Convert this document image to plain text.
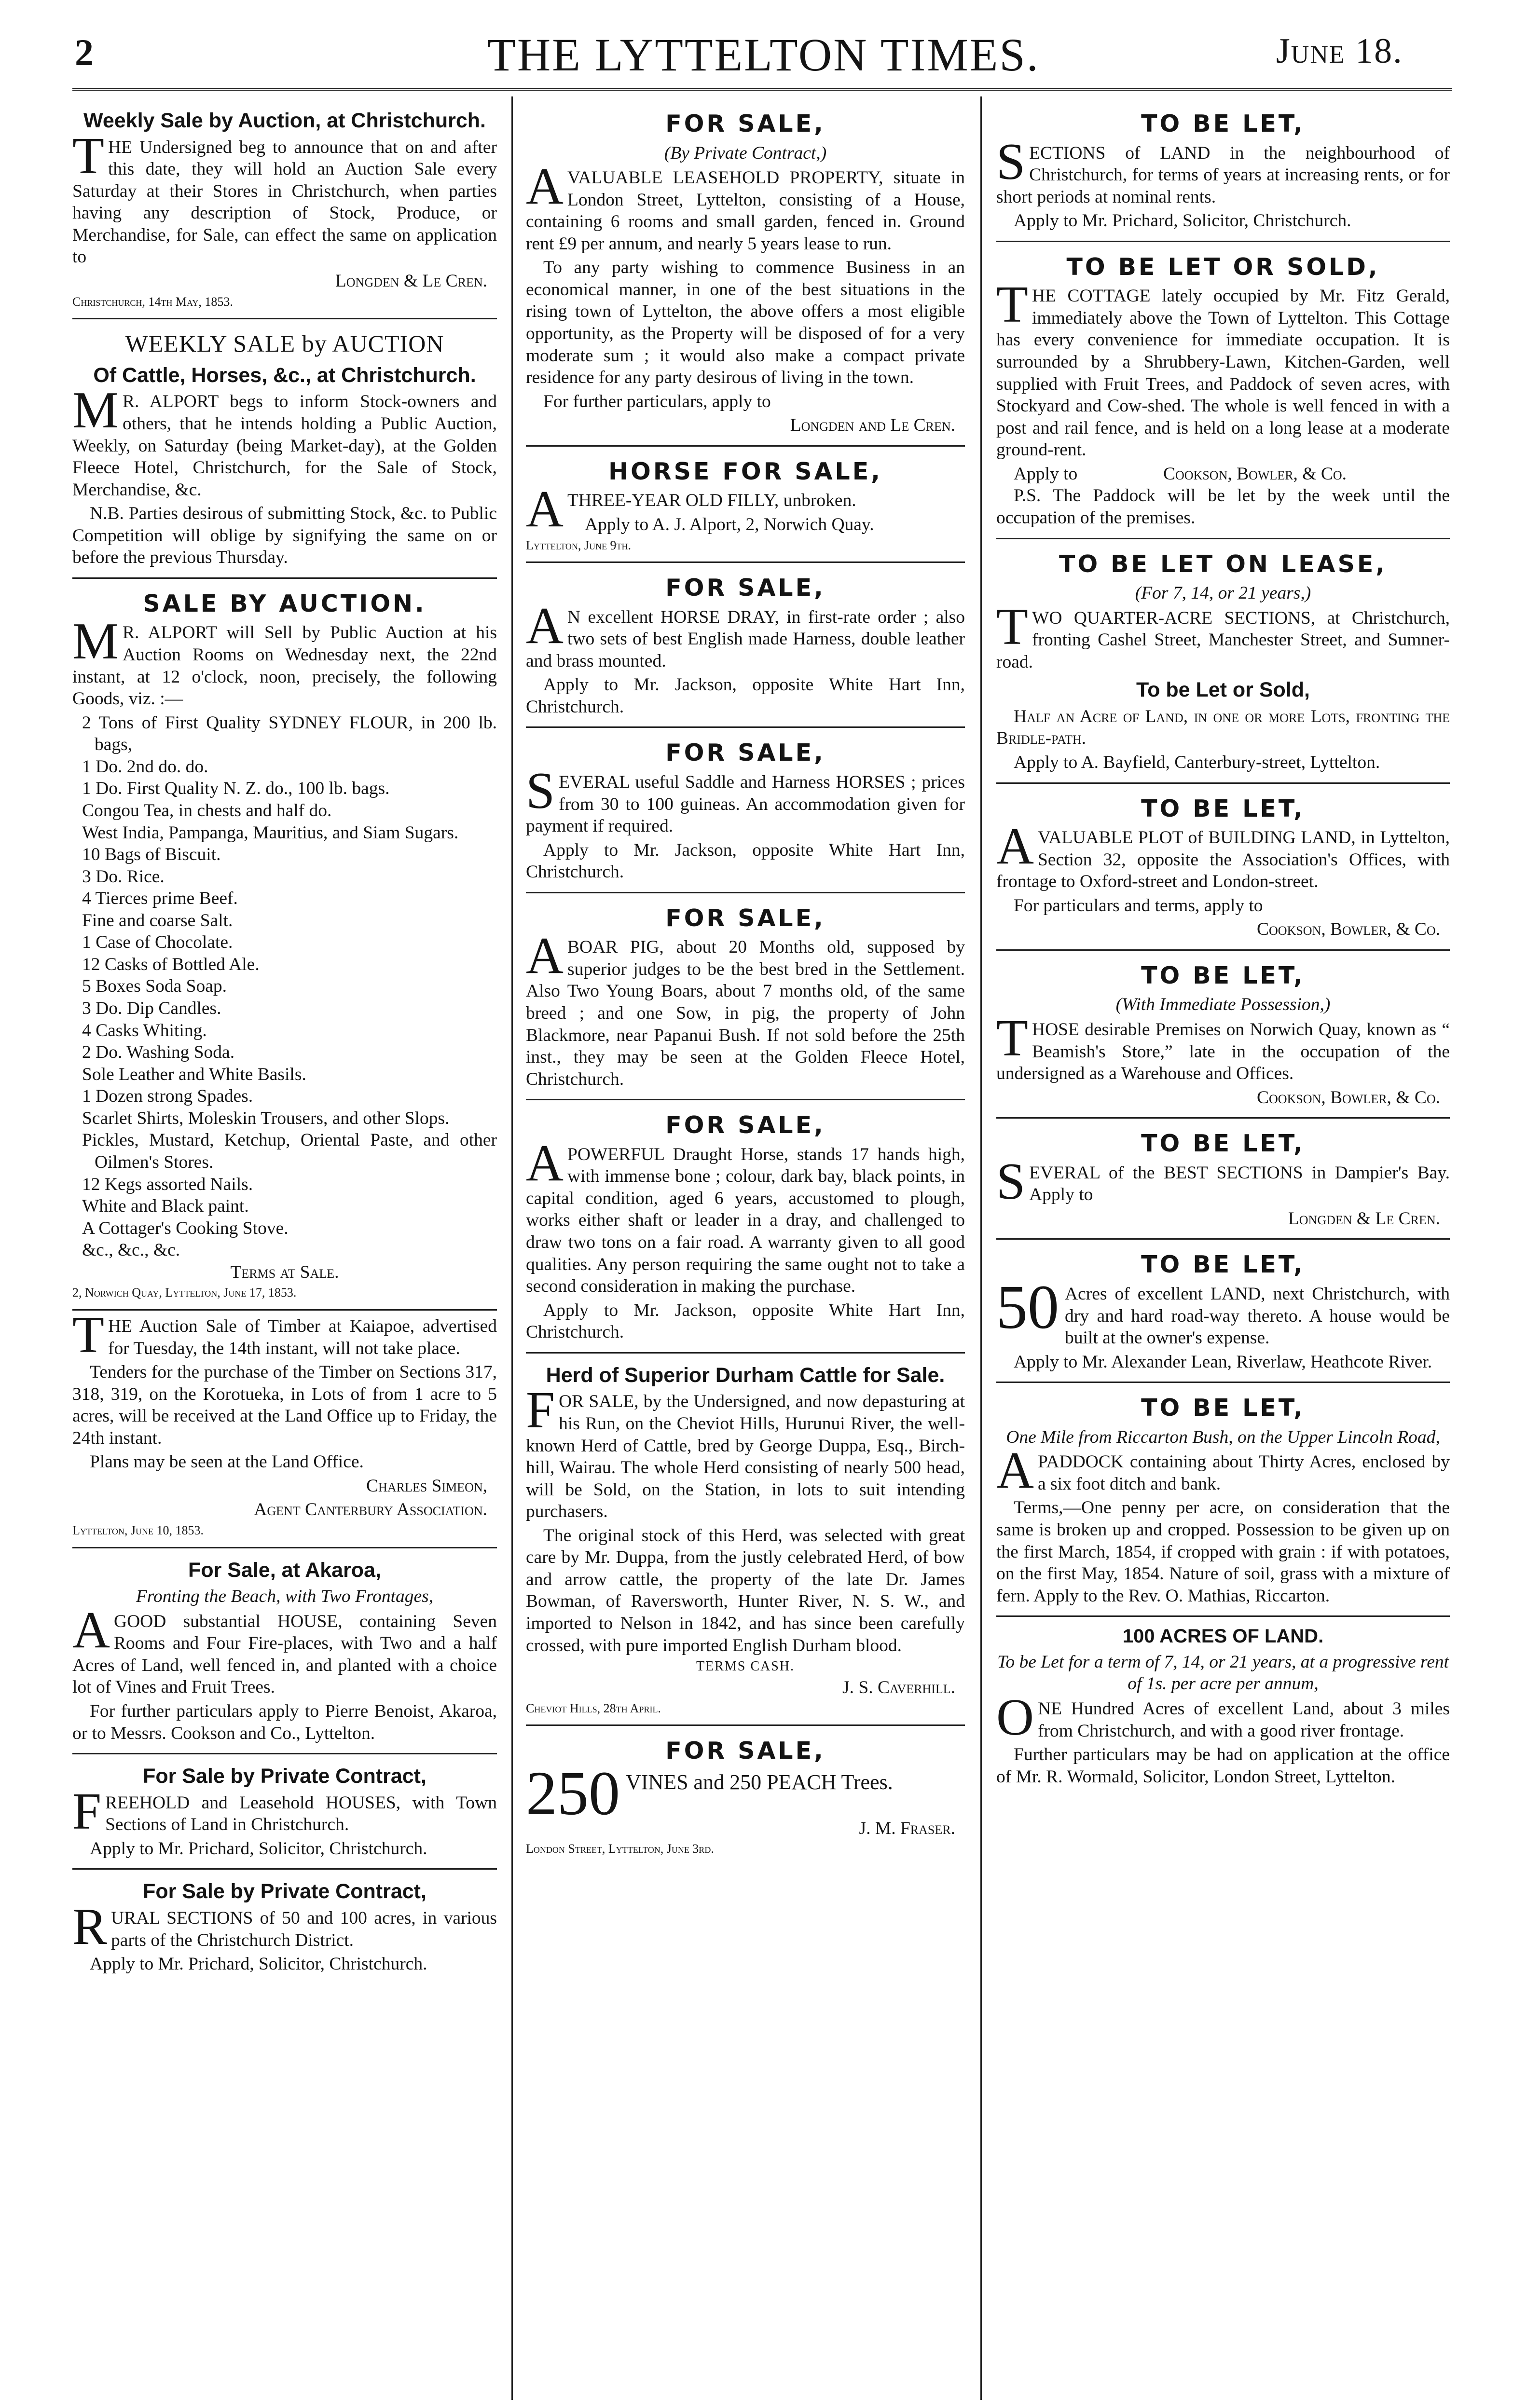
2	THE LYTTELTON TIMES.	June 18.
Weekly Sale by Auction, at Christchurch.

THE Undersigned beg to announce that on and after this date, they will hold an Auction Sale every Saturday at their Stores in Christchurch, when parties having any description of Stock, Produce, or Merchandise, for Sale, can effect the same on application to

Longden & Le Cren.
Christchurch, 14th May, 1853.
WEEKLY SALE by AUCTION
Of Cattle, Horses, &c., at Christchurch.

M R. ALPORT begs to inform Stock-owners and others, that he intends holding a Public Auction, Weekly, on Saturday (being Market-day), at the Golden Fleece Hotel, Christchurch, for the Sale of Stock, Merchandise, &c.

N.B. Parties desirous of submitting Stock, &c. to Public Competition will oblige by signifying the same on or before the previous Thursday.

SALE BY AUCTION.

M R. ALPORT will Sell by Public Auction at his Auction Rooms on Wednesday next, the 22nd instant, at 12 o'clock, noon, precisely, the following Goods, viz. :—

2 Tons of First Quality SYDNEY FLOUR, in 200 lb. bags,
1 Do. 2nd do. do.
1 Do. First Quality N. Z. do., 100 lb. bags.
Congou Tea, in chests and half do.
West India, Pampanga, Mauritius, and Siam Sugars.
10 Bags of Biscuit.
3 Do. Rice.
4 Tierces prime Beef.
Fine and coarse Salt.
1 Case of Chocolate.
12 Casks of Bottled Ale.
5 Boxes Soda Soap.
3 Do. Dip Candles.
4 Casks Whiting.
2 Do. Washing Soda.
Sole Leather and White Basils.
1 Dozen strong Spades.
Scarlet Shirts, Moleskin Trousers, and other Slops.
Pickles, Mustard, Ketchup, Oriental Paste, and other Oilmen's Stores.
12 Kegs assorted Nails.
White and Black paint.
A Cottager's Cooking Stove.
&c., &c., &c.
Terms at Sale.
2, Norwich Quay, Lyttelton, June 17, 1853.

THE Auction Sale of Timber at Kaiapoe, advertised for Tuesday, the 14th instant, will not take place.

Tenders for the purchase of the Timber on Sections 317, 318, 319, on the Korotueka, in Lots of from 1 acre to 5 acres, will be received at the Land Office up to Friday, the 24th instant.

Plans may be seen at the Land Office.

Charles Simeon,
Agent Canterbury Association.
Lyttelton, June 10, 1853.
For Sale, at Akaroa,
Fronting the Beach, with Two Frontages,

AGOOD substantial HOUSE, containing Seven Rooms and Four Fire-places, with Two and a half Acres of Land, well fenced in, and planted with a choice lot of Vines and Fruit Trees.

For further particulars apply to Pierre Benoist, Akaroa, or to Messrs. Cookson and Co., Lyttelton.

For Sale by Private Contract,

FREEHOLD and Leasehold HOUSES, with Town Sections of Land in Christchurch.

Apply to Mr. Prichard, Solicitor, Christchurch.

For Sale by Private Contract,

RURAL SECTIONS of 50 and 100 acres, in various parts of the Christchurch District.

Apply to Mr. Prichard, Solicitor, Christchurch.

FOR SALE,
(By Private Contract,)

AVALUABLE LEASEHOLD PROPERTY, situate in London Street, Lyttelton, consisting of a House, containing 6 rooms and small garden, fenced in. Ground rent £9 per annum, and nearly 5 years lease to run.

To any party wishing to commence Business in an economical manner, in one of the best situations in the rising town of Lyttelton, the above offers a most eligible opportunity, as the Property will be disposed of for a very moderate sum ; it would also make a compact private residence for any party desirous of living in the town.

For further particulars, apply to

Longden and Le Cren.
HORSE FOR SALE,

ATHREE-YEAR OLD FILLY, unbroken.

Apply to A. J. Alport, 2, Norwich Quay.

Lyttelton, June 9th.
FOR SALE,

A N excellent HORSE DRAY, in first-rate order ; also two sets of best English made Harness, double leather and brass mounted.

Apply to Mr. Jackson, opposite White Hart Inn, Christchurch.

FOR SALE,

SEVERAL useful Saddle and Harness HORSES ; prices from 30 to 100 guineas. An accommodation given for payment if required.

Apply to Mr. Jackson, opposite White Hart Inn, Christchurch.

FOR SALE,

ABOAR PIG, about 20 Months old, supposed by superior judges to be the best bred in the Settlement. Also Two Young Boars, about 7 months old, of the same breed ; and one Sow, in pig, the property of John Blackmore, near Papanui Bush. If not sold before the 25th inst., they may be seen at the Golden Fleece Hotel, Christchurch.

FOR SALE,

APOWERFUL Draught Horse, stands 17 hands high, with immense bone ; colour, dark bay, black points, in capital condition, aged 6 years, accustomed to plough, works either shaft or leader in a dray, and challenged to draw two tons on a fair road. A warranty given to all good qualities. Any person requiring the same ought not to take a second consideration in making the purchase.

Apply to Mr. Jackson, opposite White Hart Inn, Christchurch.

Herd of Superior Durham Cattle for Sale.

FOR SALE, by the Undersigned, and now depasturing at his Run, on the Cheviot Hills, Hurunui River, the well-known Herd of Cattle, bred by George Duppa, Esq., Birch-hill, Wairau. The whole Herd consisting of nearly 500 head, will be Sold, on the Station, in lots to suit intending purchasers.

The original stock of this Herd, was selected with great care by Mr. Duppa, from the justly celebrated Herd, of bow and arrow cattle, the property of the late Dr. James Bowman, of Raversworth, Hunter River, N. S. W., and imported to Nelson in 1842, and has since been carefully crossed, with pure imported English Durham blood.

TERMS CASH.
J. S. Caverhill.
Cheviot Hills, 28th April.
FOR SALE,

250 VINES and 250 PEACH Trees.

J. M. Fraser.
London Street, Lyttelton, June 3rd.
TO BE LET,

SECTIONS of LAND in the neighbourhood of Christchurch, for terms of years at increasing rents, or for short periods at nominal rents.

Apply to Mr. Prichard, Solicitor, Christchurch.

TO BE LET OR SOLD,

THE COTTAGE lately occupied by Mr. Fitz Gerald, immediately above the Town of Lyttelton. This Cottage has every convenience for immediate occupation. It is surrounded by a Shrubbery-Lawn, Kitchen-Garden, well supplied with Fruit Trees, and Paddock of seven acres, with Stockyard and Cow-shed. The whole is well fenced in with a post and rail fence, and is held on a long lease at a moderate ground-rent.

Apply to	Cookson, Bowler, & Co.

P.S. The Paddock will be let by the week until the occupation of the premises.

TO BE LET ON LEASE,
(For 7, 14, or 21 years,)

TWO QUARTER-ACRE SECTIONS, at Christchurch, fronting Cashel Street, Manchester Street, and Sumner-road.

To be Let or Sold,

Half an Acre of Land, in one or more Lots, fronting the Bridle-path.

Apply to A. Bayfield, Canterbury-street, Lyttelton.

TO BE LET,

AVALUABLE PLOT of BUILDING LAND, in Lyttelton, Section 32, opposite the Association's Offices, with frontage to Oxford-street and London-street.

For particulars and terms, apply to

Cookson, Bowler, & Co.
TO BE LET,
(With Immediate Possession,)

THOSE desirable Premises on Norwich Quay, known as “ Beamish's Store,” late in the occupation of the undersigned as a Warehouse and Offices.

Cookson, Bowler, & Co.
TO BE LET,

SEVERAL of the BEST SECTIONS in Dampier's Bay. Apply to

Longden & Le Cren.
TO BE LET,

50 Acres of excellent LAND, next Christchurch, with dry and hard road-way thereto. A house would be built at the owner's expense.

Apply to Mr. Alexander Lean, Riverlaw, Heathcote River.

TO BE LET,
One Mile from Riccarton Bush, on the Upper Lincoln Road,

APADDOCK containing about Thirty Acres, enclosed by a six foot ditch and bank.

Terms,—One penny per acre, on consideration that the same is broken up and cropped. Possession to be given up on the first March, 1854, if cropped with grain : if with potatoes, on the first May, 1854. Nature of soil, grass with a mixture of fern. Apply to the Rev. O. Mathias, Riccarton.

100 ACRES OF LAND.
To be Let for a term of 7, 14, or 21 years, at a progressive rent of 1s. per acre per annum,

ONE Hundred Acres of excellent Land, about 3 miles from Christchurch, and with a good river frontage.

Further particulars may be had on application at the office of Mr. R. Wormald, Solicitor, London Street, Lyttelton.
